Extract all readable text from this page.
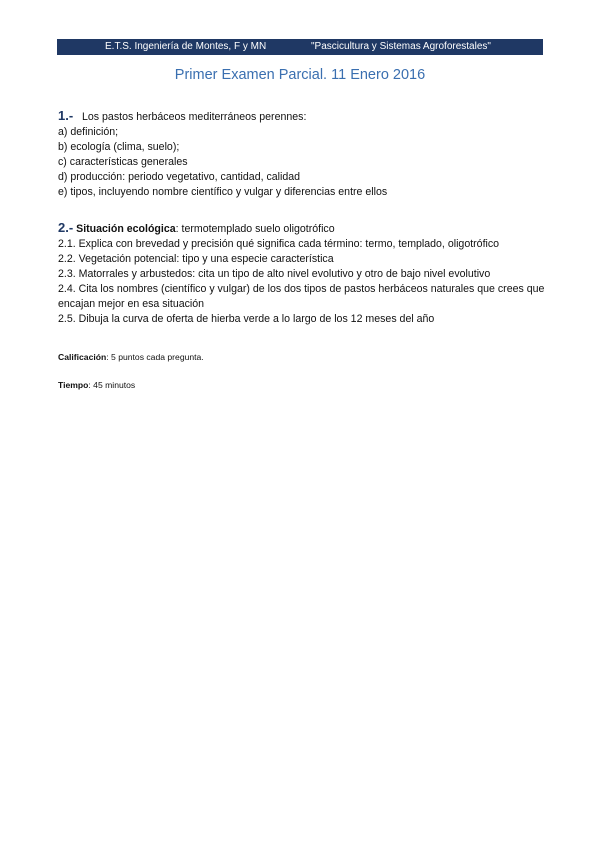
E.T.S. Ingeniería de Montes, F y MN	"Pascicultura y Sistemas Agroforestales"
Primer Examen Parcial. 11 Enero 2016
1.- Los pastos herbáceos mediterráneos perennes:
a) definición;
b) ecología (clima, suelo);
c) características generales
d) producción: periodo vegetativo, cantidad, calidad
e) tipos, incluyendo nombre científico y vulgar y diferencias entre ellos
2.- Situación ecológica: termotemplado suelo oligotrófico
2.1. Explica con brevedad y precisión qué significa cada término: termo, templado, oligotrófico
2.2. Vegetación potencial: tipo y una especie característica
2.3. Matorrales y arbustedos: cita un tipo de alto nivel evolutivo y otro de bajo nivel evolutivo
2.4. Cita los nombres (científico y vulgar) de los dos tipos de pastos herbáceos naturales que crees que encajan mejor en esa situación
2.5. Dibuja la curva de oferta de hierba verde a lo largo de los 12 meses del año
Calificación: 5 puntos cada pregunta.
Tiempo: 45 minutos
